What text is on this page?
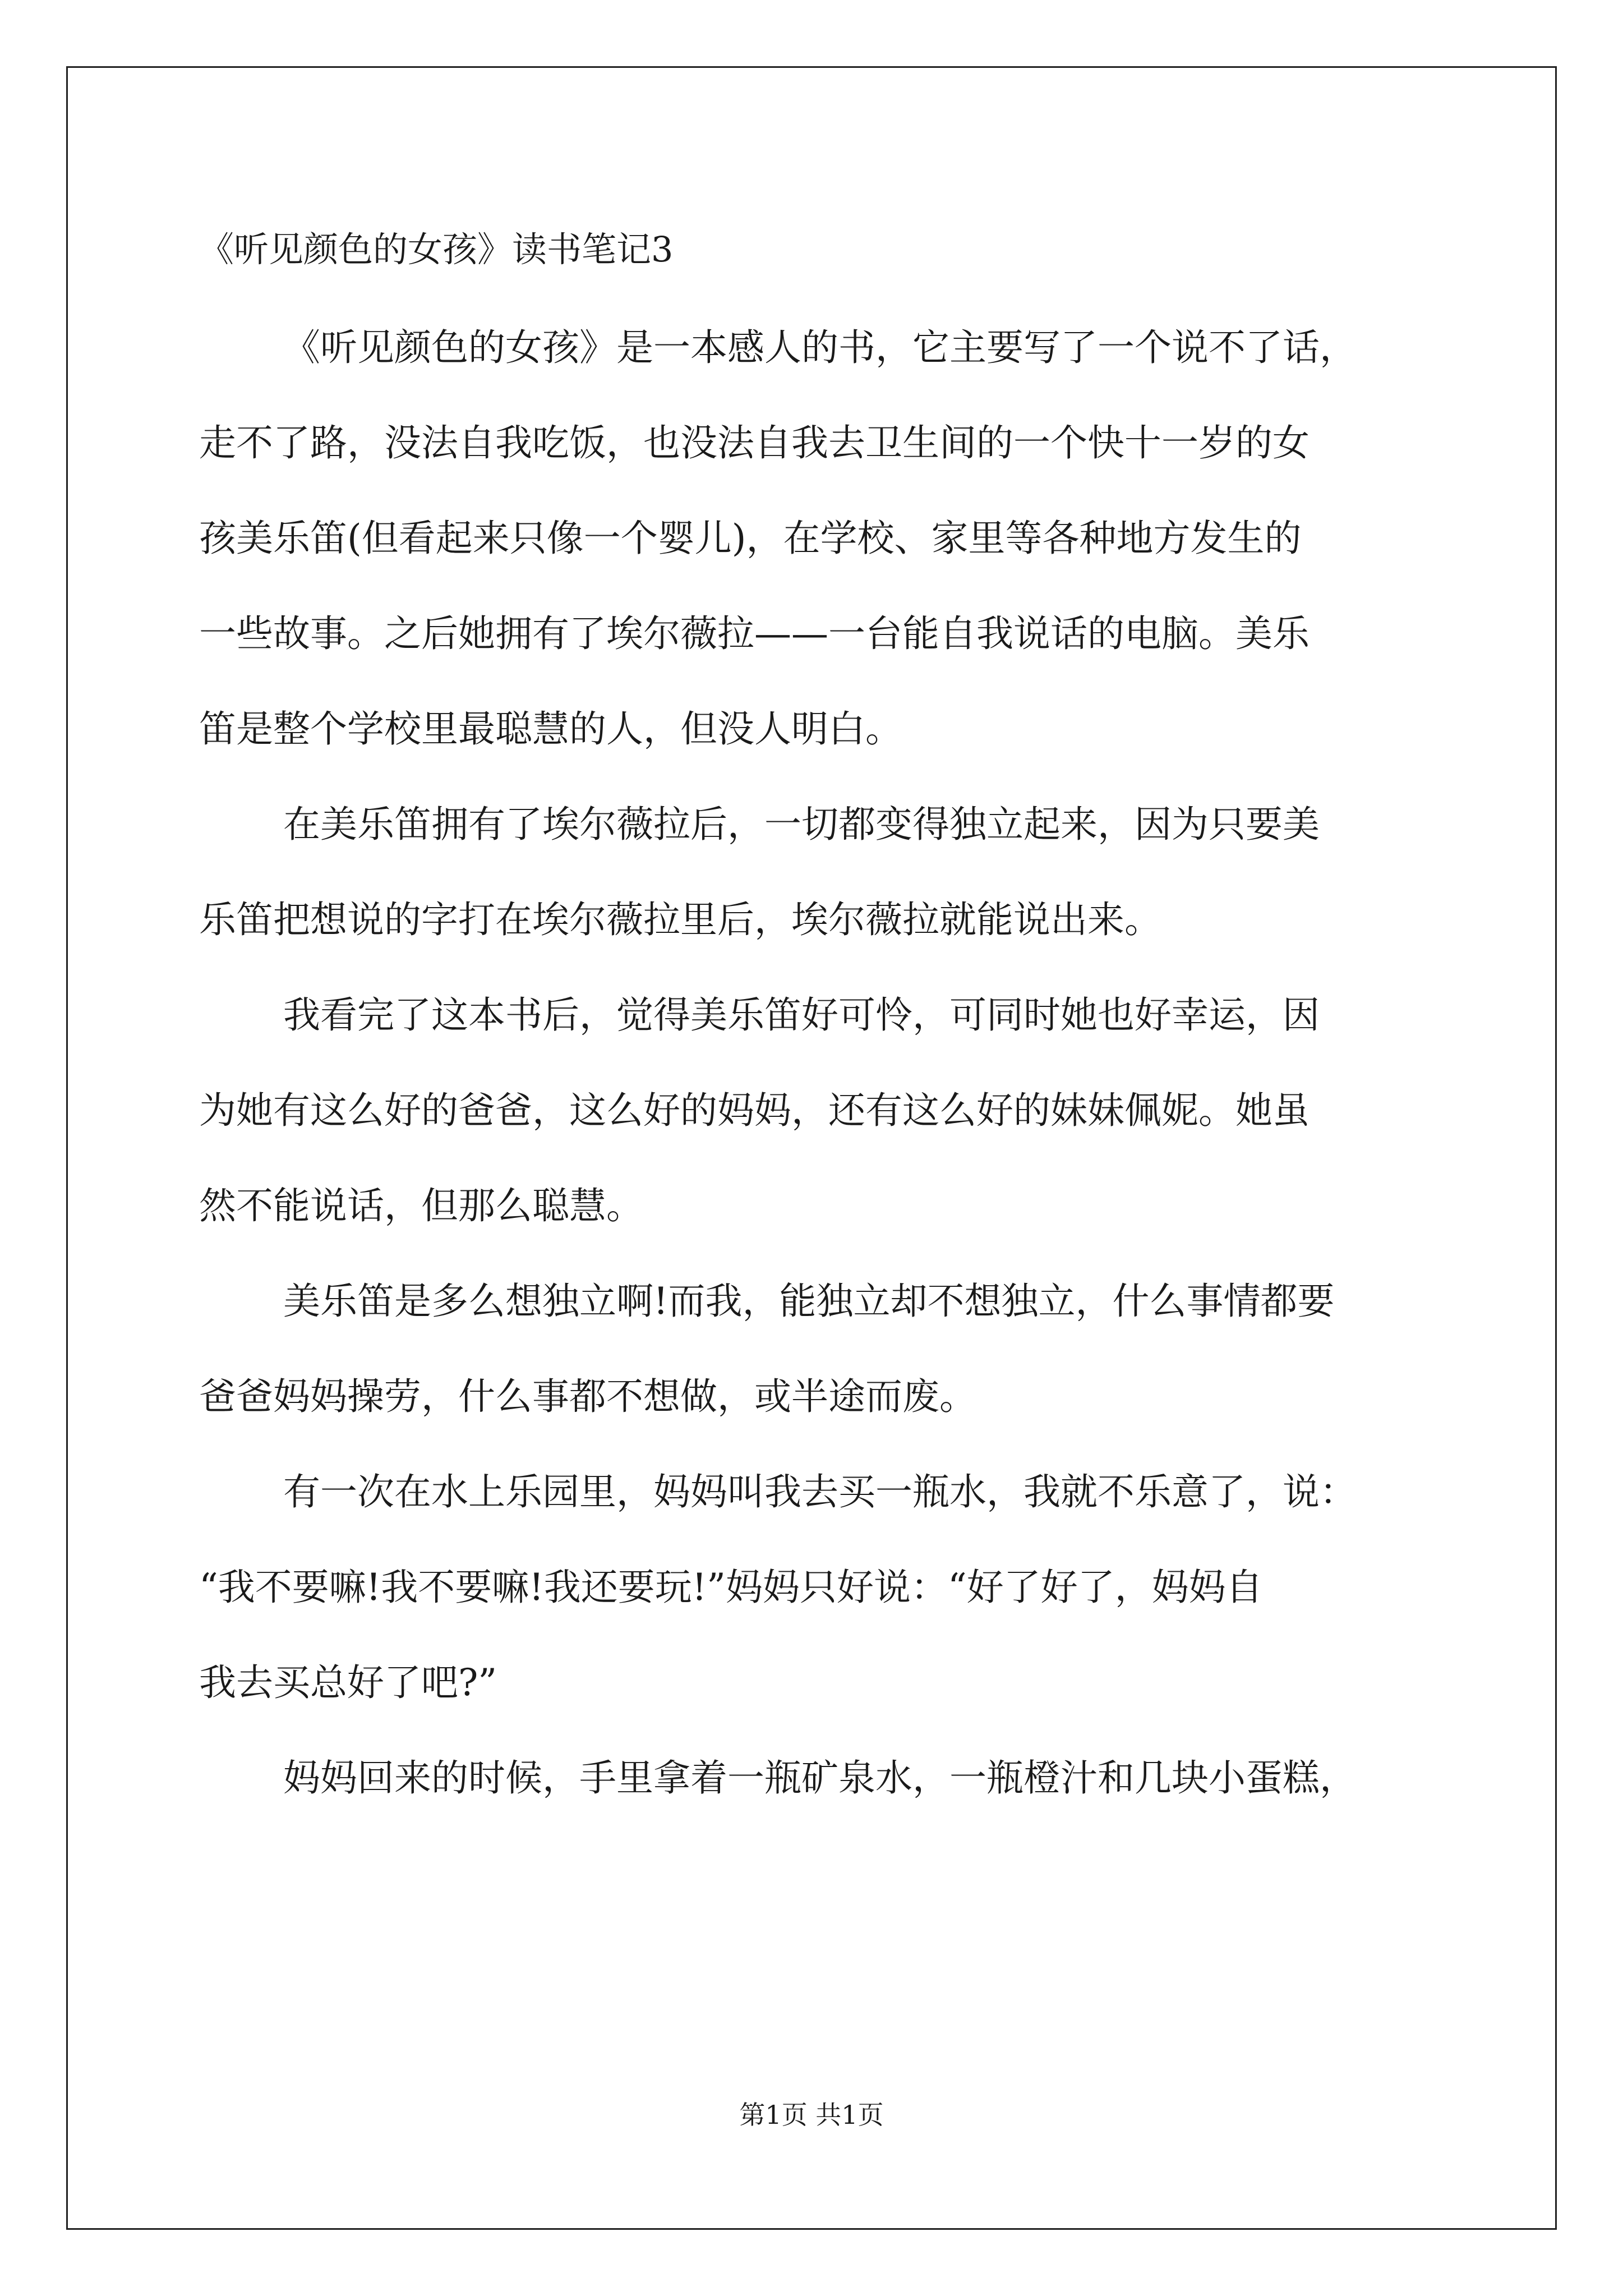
《听见颜色的女孩》读书笔记3
《听见颜色的女孩》是一本感人的书，它主要写了一个说不了话，
走不了路，没法自我吃饭，也没法自我去卫生间的一个快十一岁的女
孩美乐笛(但看起来只像一个婴儿)，在学校、家里等各种地方发生的
一些故事。之后她拥有了埃尔薇拉——一台能自我说话的电脑。美乐
笛是整个学校里最聪慧的人，但没人明白。
在美乐笛拥有了埃尔薇拉后，一切都变得独立起来，因为只要美
乐笛把想说的字打在埃尔薇拉里后，埃尔薇拉就能说出来。
我看完了这本书后，觉得美乐笛好可怜，可同时她也好幸运，因
为她有这么好的爸爸，这么好的妈妈，还有这么好的妹妹佩妮。她虽
然不能说话，但那么聪慧。
美乐笛是多么想独立啊!而我，能独立却不想独立，什么事情都要
爸爸妈妈操劳，什么事都不想做，或半途而废。
有一次在水上乐园里，妈妈叫我去买一瓶水，我就不乐意了，说：
“我不要嘛!我不要嘛!我还要玩!”妈妈只好说：“好了好了，妈妈自
我去买总好了吧?”
妈妈回来的时候，手里拿着一瓶矿泉水，一瓶橙汁和几块小蛋糕，
第1页 共1页
